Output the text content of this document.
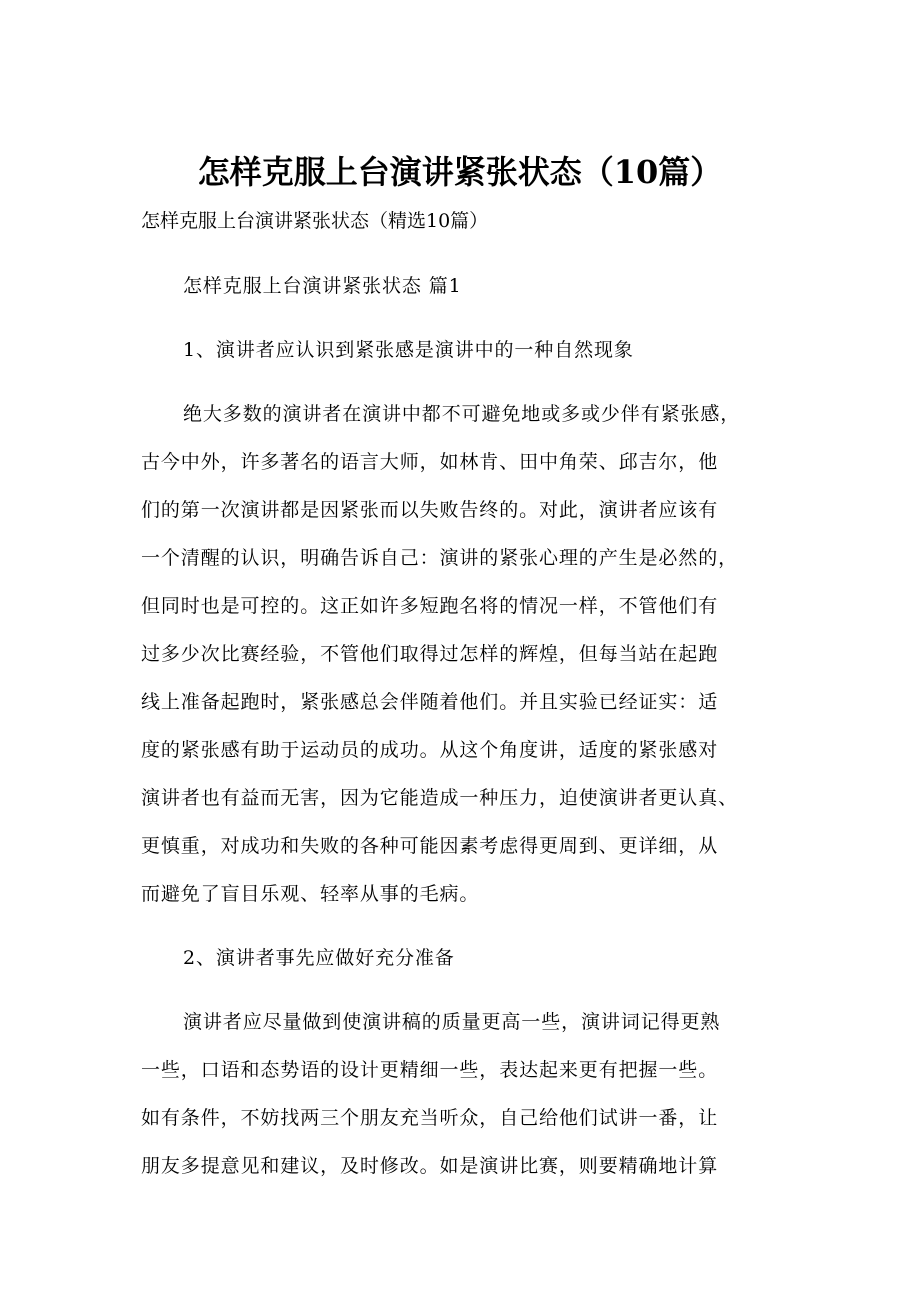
怎样克服上台演讲紧张状态（10篇）
怎样克服上台演讲紧张状态（精选10篇）
怎样克服上台演讲紧张状态 篇1
1、演讲者应认识到紧张感是演讲中的一种自然现象
绝大多数的演讲者在演讲中都不可避免地或多或少伴有紧张感，
古今中外，许多著名的语言大师，如林肯、田中角荣、邱吉尔，他
们的第一次演讲都是因紧张而以失败告终的。对此，演讲者应该有
一个清醒的认识，明确告诉自己：演讲的紧张心理的产生是必然的，
但同时也是可控的。这正如许多短跑名将的情况一样，不管他们有
过多少次比赛经验，不管他们取得过怎样的辉煌，但每当站在起跑
线上准备起跑时，紧张感总会伴随着他们。并且实验已经证实：适
度的紧张感有助于运动员的成功。从这个角度讲，适度的紧张感对
演讲者也有益而无害，因为它能造成一种压力，迫使演讲者更认真、
更慎重，对成功和失败的各种可能因素考虑得更周到、更详细，从
而避免了盲目乐观、轻率从事的毛病。
2、演讲者事先应做好充分准备
演讲者应尽量做到使演讲稿的质量更高一些，演讲词记得更熟
一些，口语和态势语的设计更精细一些，表达起来更有把握一些。
如有条件，不妨找两三个朋友充当听众，自己给他们试讲一番，让
朋友多提意见和建议，及时修改。如是演讲比赛，则要精确地计算
